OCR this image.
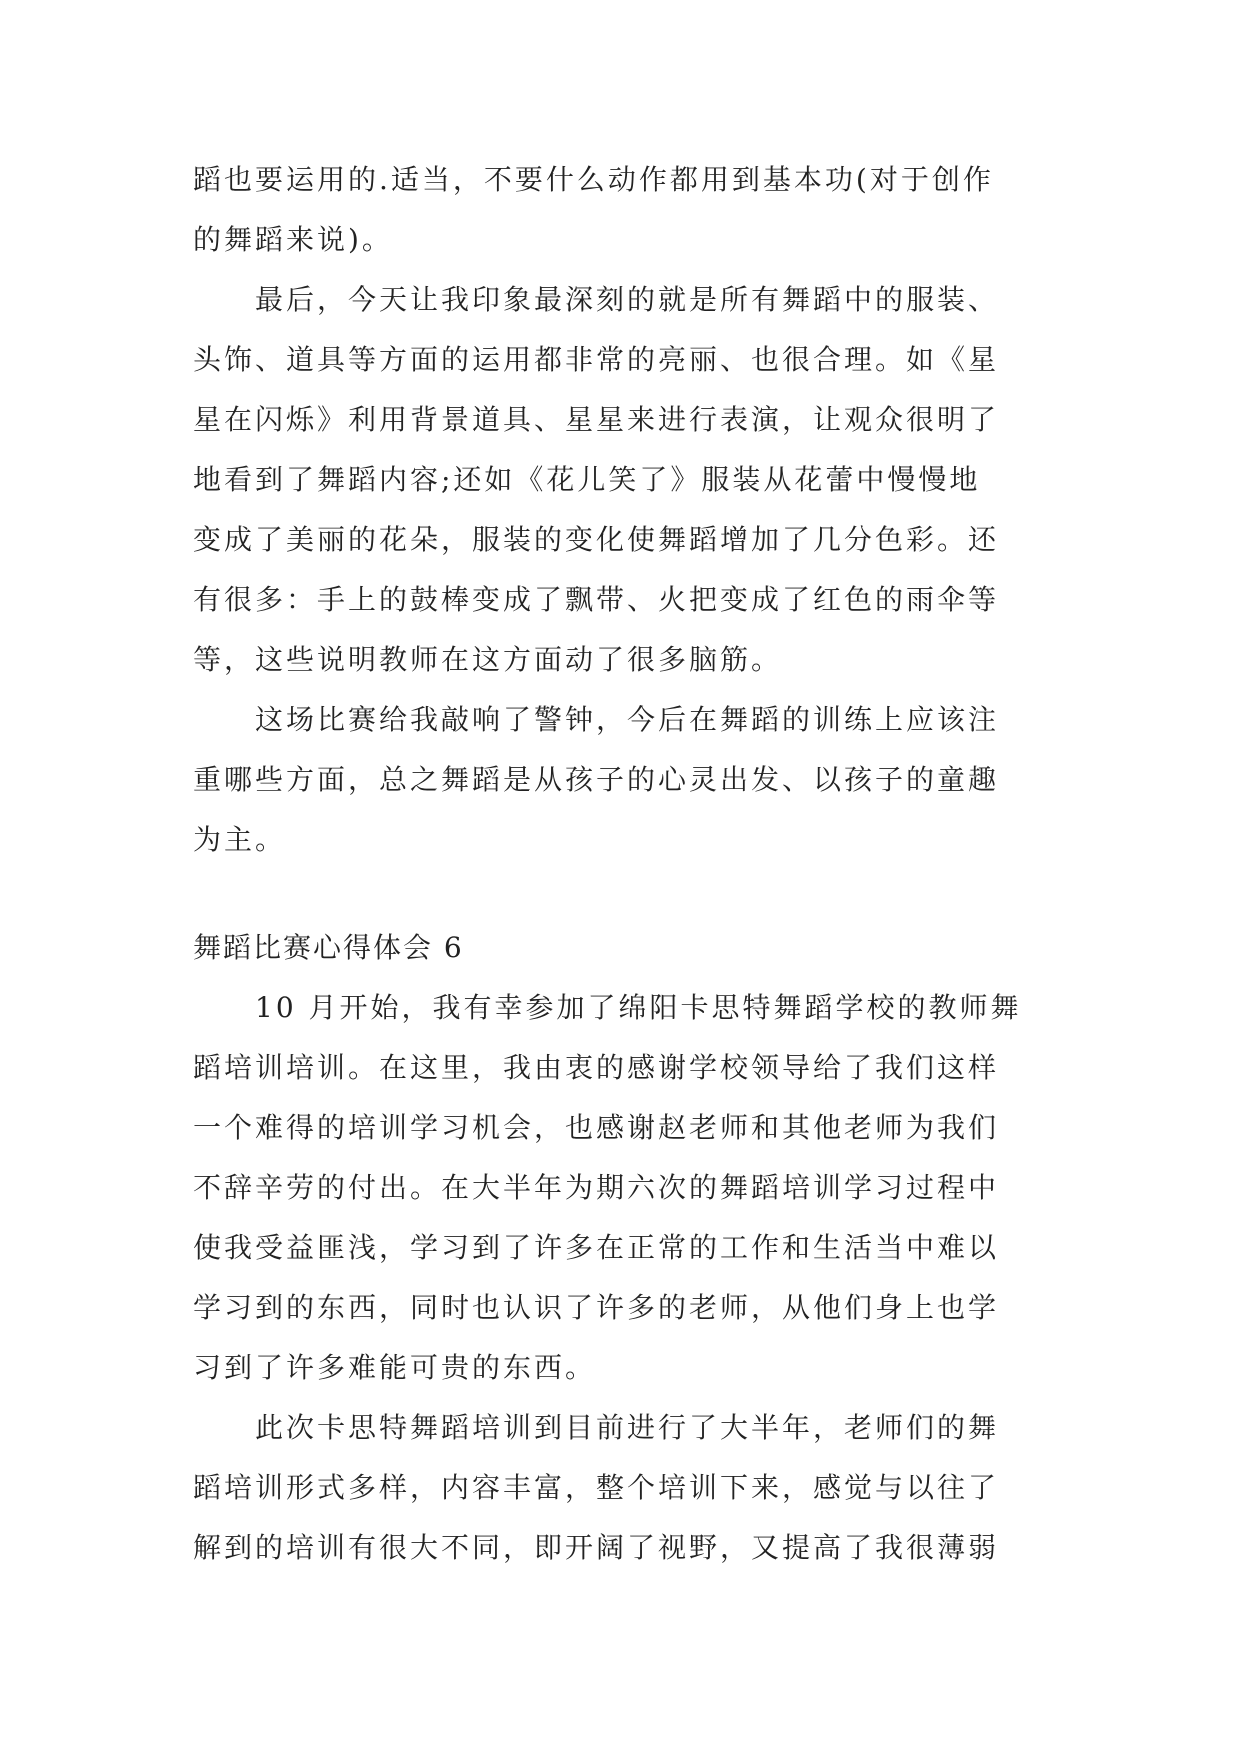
蹈也要运用的.适当，不要什么动作都用到基本功(对于创作
的舞蹈来说)。
最后，今天让我印象最深刻的就是所有舞蹈中的服装、
头饰、道具等方面的运用都非常的亮丽、也很合理。如《星
星在闪烁》利用背景道具、星星来进行表演，让观众很明了
地看到了舞蹈内容;还如《花儿笑了》服装从花蕾中慢慢地
变成了美丽的花朵，服装的变化使舞蹈增加了几分色彩。还
有很多：手上的鼓棒变成了飘带、火把变成了红色的雨伞等
等，这些说明教师在这方面动了很多脑筋。
这场比赛给我敲响了警钟，今后在舞蹈的训练上应该注
重哪些方面，总之舞蹈是从孩子的心灵出发、以孩子的童趣
为主。
舞蹈比赛心得体会 6
10 月开始，我有幸参加了绵阳卡思特舞蹈学校的教师舞
蹈培训培训。在这里，我由衷的感谢学校领导给了我们这样
一个难得的培训学习机会，也感谢赵老师和其他老师为我们
不辞辛劳的付出。在大半年为期六次的舞蹈培训学习过程中
使我受益匪浅，学习到了许多在正常的工作和生活当中难以
学习到的东西，同时也认识了许多的老师，从他们身上也学
习到了许多难能可贵的东西。
此次卡思特舞蹈培训到目前进行了大半年，老师们的舞
蹈培训形式多样，内容丰富，整个培训下来，感觉与以往了
解到的培训有很大不同，即开阔了视野，又提高了我很薄弱
